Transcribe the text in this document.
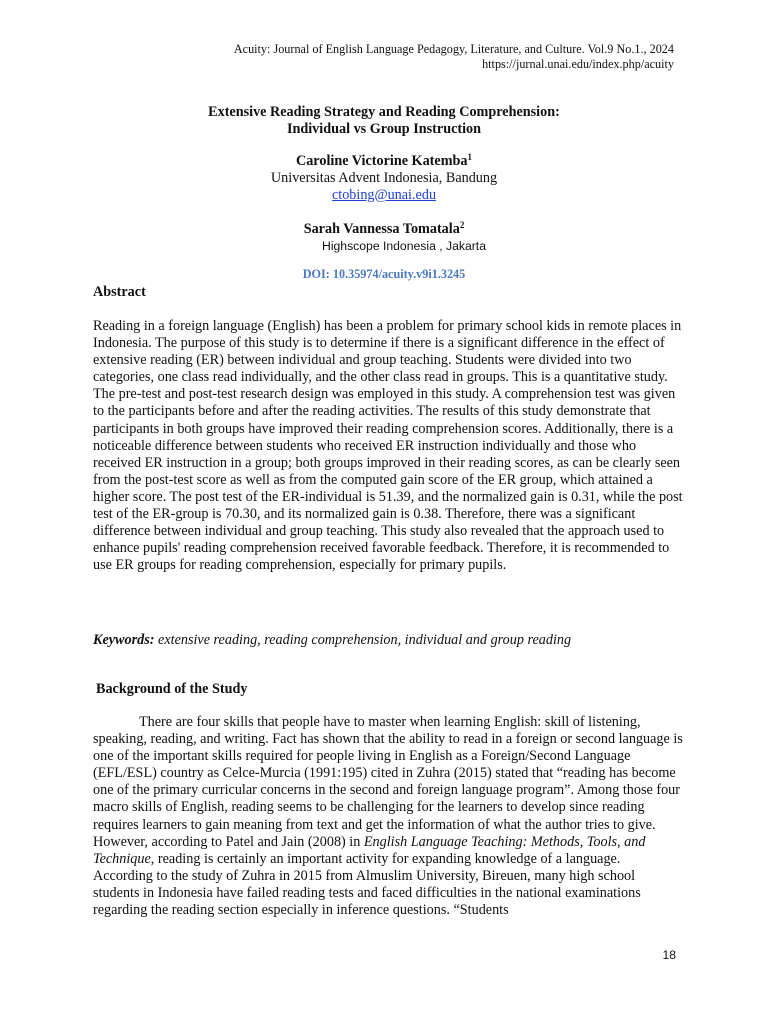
Acuity: Journal of English Language Pedagogy, Literature, and Culture. Vol.9 No.1., 2024
https://jurnal.unai.edu/index.php/acuity
Extensive Reading Strategy and Reading Comprehension:
Individual vs Group Instruction
Caroline Victorine Katemba$^1$
Universitas Advent Indonesia, Bandung
ctobing@unai.edu
Sarah Vannessa Tomatala$^2$
Highscope Indonesia , Jakarta
DOI: 10.35974/acuity.v9i1.3245
Abstract

Reading in a foreign language (English) has been a problem for primary school kids in remote places in Indonesia. The purpose of this study is to determine if there is a significant difference in the effect of extensive reading (ER) between individual and group teaching. Students were divided into two categories, one class read individually, and the other class read in groups. This is a quantitative study. The pre-test and post-test research design was employed in this study. A comprehension test was given to the participants before and after the reading activities. The results of this study demonstrate that participants in both groups have improved their reading comprehension scores. Additionally, there is a noticeable difference between students who received ER instruction individually and those who received ER instruction in a group; both groups improved in their reading scores, as can be clearly seen from the post-test score as well as from the computed gain score of the ER group, which attained a higher score. The post test of the ER-individual is 51.39, and the normalized gain is 0.31, while the post test of the ER-group is 70.30, and its normalized gain is 0.38. Therefore, there was a significant difference between individual and group teaching. This study also revealed that the approach used to enhance pupils' reading comprehension received favorable feedback. Therefore, it is recommended to use ER groups for reading comprehension, especially for primary pupils.

Keywords: extensive reading, reading comprehension, individual and group reading
Background of the Study

There are four skills that people have to master when learning English: skill of listening, speaking, reading, and writing. Fact has shown that the ability to read in a foreign or second language is one of the important skills required for people living in English as a Foreign/Second Language (EFL/ESL) country as Celce-Murcia (1991:195) cited in Zuhra (2015) stated that “reading has become one of the primary curricular concerns in the second and foreign language program”. Among those four macro skills of English, reading seems to be challenging for the learners to develop since reading requires learners to gain meaning from text and get the information of what the author tries to give. However, according to Patel and Jain (2008) in English Language Teaching: Methods, Tools, and Technique, reading is certainly an important activity for expanding knowledge of a language. According to the study of Zuhra in 2015 from Almuslim University, Bireuen, many high school students in Indonesia have failed reading tests and faced difficulties in the national examinations regarding the reading section especially in inference questions. “Students

18
